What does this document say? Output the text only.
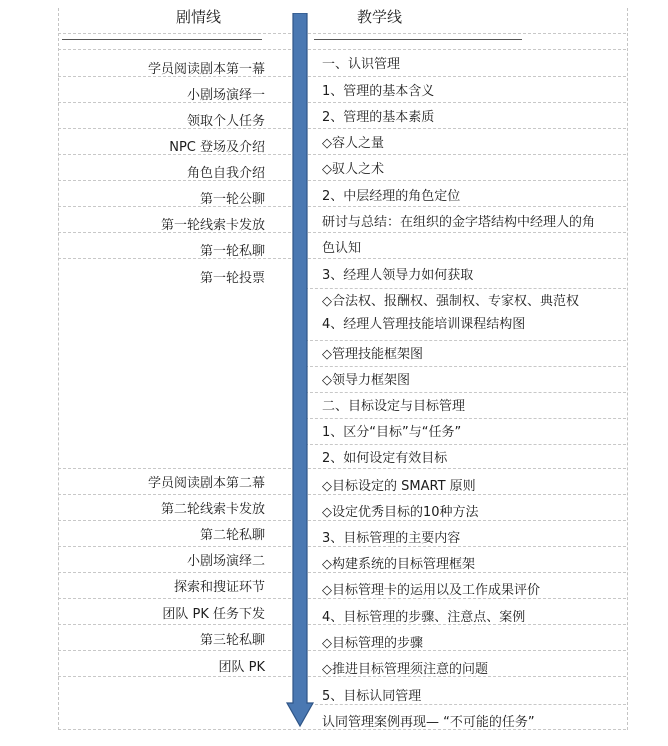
剧情线	教学线
学员阅读剧本第一幕
小剧场演绎一
领取个人任务
NPC 登场及介绍
角色自我介绍
第一轮公聊
第一轮线索卡发放
第一轮私聊
第一轮投票
学员阅读剧本第二幕
第二轮线索卡发放
第二轮私聊
小剧场演绎二
探索和搜证环节
团队 PK 任务下发
第三轮私聊
团队 PK
一、认识管理
1、管理的基本含义
2、管理的基本素质
◇容人之量
◇驭人之术
2、中层经理的角色定位
研讨与总结：在组织的金字塔结构中经理人的角
色认知
3、经理人领导力如何获取
◇合法权、报酬权、强制权、专家权、典范权
4、经理人管理技能培训课程结构图
◇管理技能框架图
◇领导力框架图
二、目标设定与目标管理
1、区分“目标”与“任务”
2、如何设定有效目标
◇目标设定的 SMART 原则
◇设定优秀目标的10种方法
3、目标管理的主要内容
◇构建系统的目标管理框架
◇目标管理卡的运用以及工作成果评价
4、目标管理的步骤、注意点、案例
◇目标管理的步骤
◇推进目标管理须注意的问题
5、目标认同管理
认同管理案例再现— “不可能的任务”
